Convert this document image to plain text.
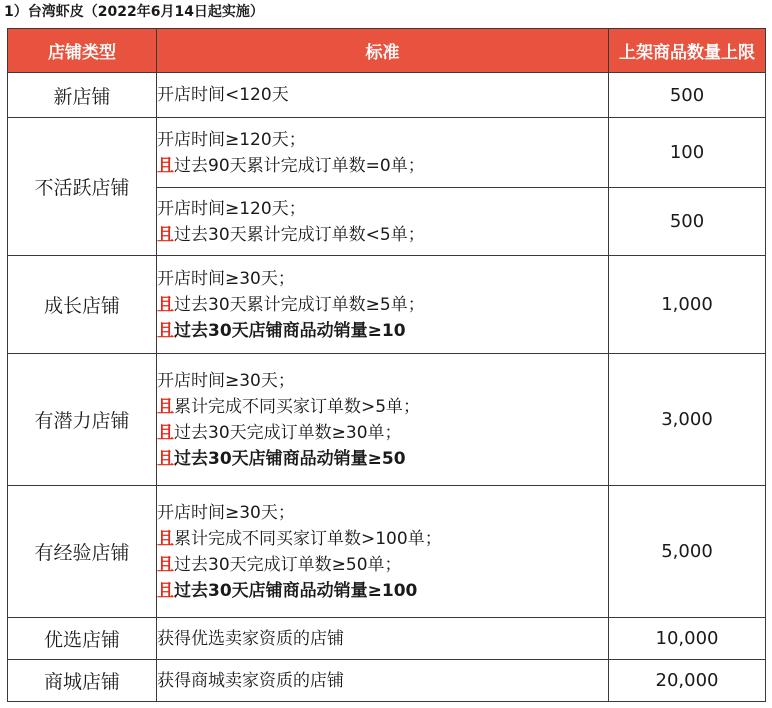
1）台湾虾皮（2022年6月14日起实施）
店铺类型	标准	上架商品数量上限
新店铺	开店时间<120天	500
不活跃店铺	开店时间≥120天；
且过去90天累计完成订单数=0单；	100

	开店时间≥120天；
且过去30天累计完成订单数<5单；	500
成长店铺	开店时间≥30天；
且过去30天累计完成订单数≥5单；
且过去30天店铺商品动销量≥10	1,000
有潜力店铺	开店时间≥30天；
且累计完成不同买家订单数>5单；
且过去30天完成订单数≥30单；
且过去30天店铺商品动销量≥50	3,000
有经验店铺	开店时间≥30天；
且累计完成不同买家订单数>100单；
且过去30天完成订单数≥50单；
且过去30天店铺商品动销量≥100	5,000
优选店铺	获得优选卖家资质的店铺	10,000
商城店铺	获得商城卖家资质的店铺	20,000
